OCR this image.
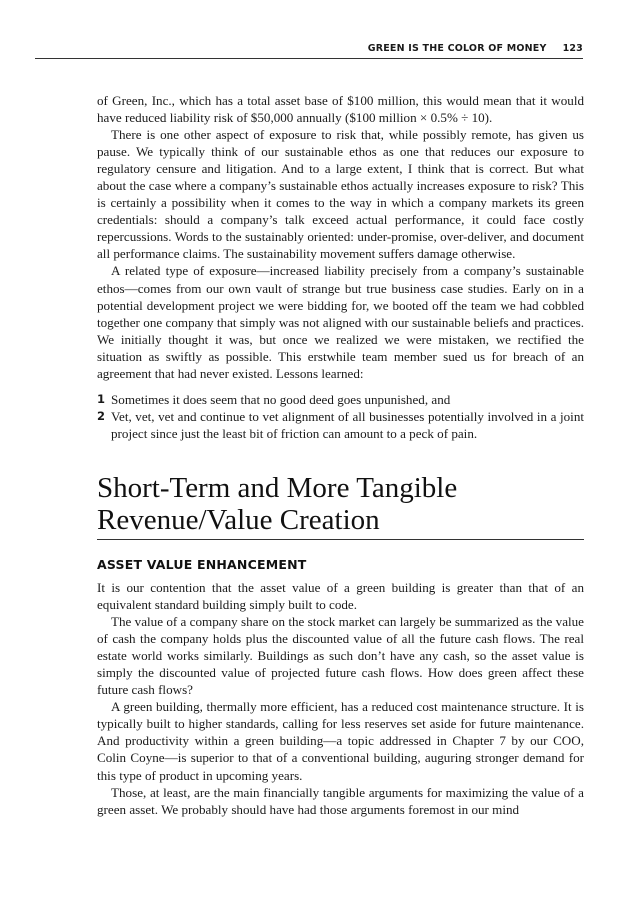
GREEN IS THE COLOR OF MONEY 123

of Green, Inc., which has a total asset base of $100 million, this would mean that it would have reduced liability risk of $50,000 annually ($100 million × 0.5% ÷ 10).

There is one other aspect of exposure to risk that, while possibly remote, has given us pause. We typically think of our sustainable ethos as one that reduces our exposure to regulatory censure and litigation. And to a large extent, I think that is correct. But what about the case where a company’s sustainable ethos actually increases exposure to risk? This is certainly a possibility when it comes to the way in which a company markets its green credentials: should a company’s talk exceed actual performance, it could face costly repercussions. Words to the sustainably oriented: under-promise, over-deliver, and document all performance claims. The sustainability movement suffers damage otherwise.

A related type of exposure—increased liability precisely from a company’s sustainable ethos—comes from our own vault of strange but true business case studies. Early on in a potential development project we were bidding for, we booted off the team we had cobbled together one company that simply was not aligned with our sustainable beliefs and practices. We initially thought it was, but once we realized we were mistaken, we rectified the situation as swiftly as possible. This erstwhile team member sued us for breach of an agreement that had never existed. Lessons learned:

1 Sometimes it does seem that no good deed goes unpunished, and
2 Vet, vet, vet and continue to vet alignment of all businesses potentially involved in a joint project since just the least bit of friction can amount to a peck of pain.
Short-Term and More Tangible
Revenue/Value Creation
ASSET VALUE ENHANCEMENT

It is our contention that the asset value of a green building is greater than that of an equivalent standard building simply built to code.

The value of a company share on the stock market can largely be summarized as the value of cash the company holds plus the discounted value of all the future cash flows. The real estate world works similarly. Buildings as such don’t have any cash, so the asset value is simply the discounted value of projected future cash flows. How does green affect these future cash flows?

A green building, thermally more efficient, has a reduced cost maintenance structure. It is typically built to higher standards, calling for less reserves set aside for future maintenance. And productivity within a green building—a topic addressed in Chapter 7 by our COO, Colin Coyne—is superior to that of a conventional building, auguring stronger demand for this type of product in upcoming years.

Those, at least, are the main financially tangible arguments for maximizing the value of a green asset. We probably should have had those arguments foremost in our mind
